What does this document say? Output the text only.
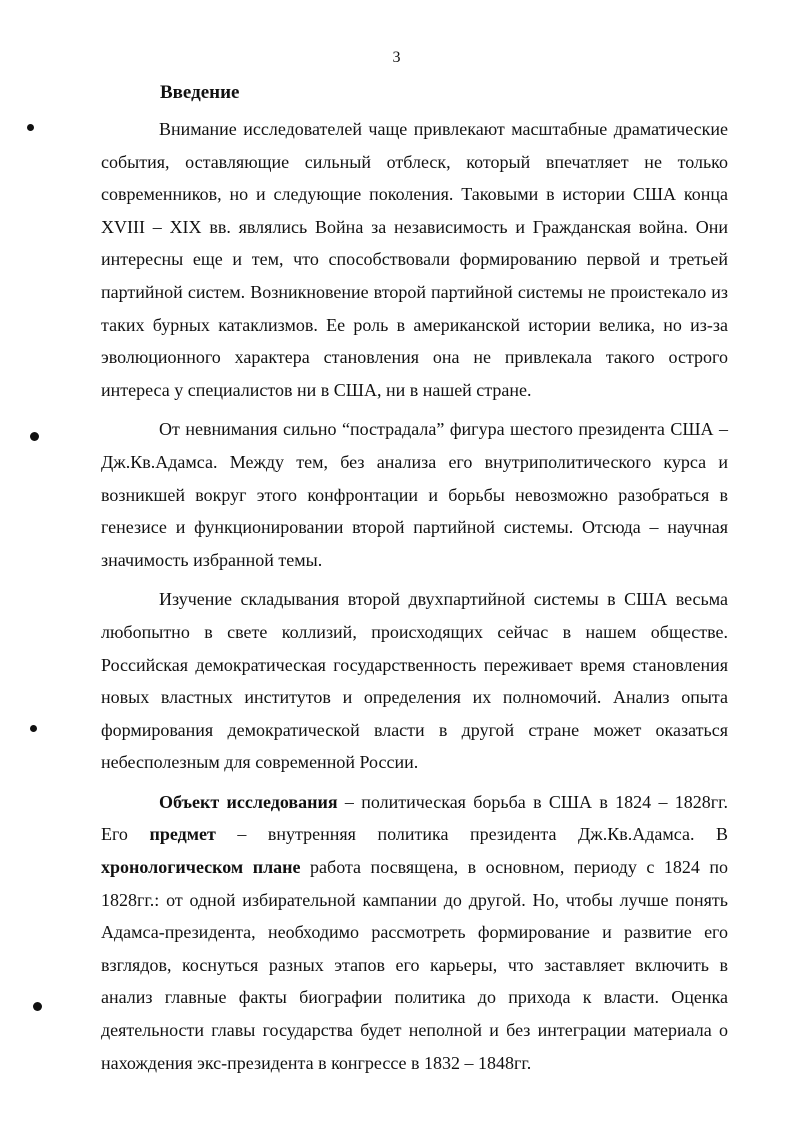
3
Введение

Внимание исследователей чаще привлекают масштабные драматические события, оставляющие сильный отблеск, который впечатляет не только современников, но и следующие поколения. Таковыми в истории США конца XVIII – XIX вв. являлись Война за независимость и Гражданская война. Они интересны еще и тем, что способствовали формированию первой и третьей партийной систем. Возникновение второй партийной системы не проистекало из таких бурных катаклизмов. Ее роль в американской истории велика, но из-за эволюционного характера становления она не привлекала такого острого интереса у специалистов ни в США, ни в нашей стране.

От невнимания сильно “пострадала” фигура шестого президента США – Дж.Кв.Адамса. Между тем, без анализа его внутриполитического курса и возникшей вокруг этого конфронтации и борьбы невозможно разобраться в генезисе и функционировании второй партийной системы. Отсюда – научная значимость избранной темы.

Изучение складывания второй двухпартийной системы в США весьма любопытно в свете коллизий, происходящих сейчас в нашем обществе. Российская демократическая государственность переживает время становления новых властных институтов и определения их полномочий. Анализ опыта формирования демократической власти в другой стране может оказаться небесполезным для современной России.

Объект исследования – политическая борьба в США в 1824 – 1828гг. Его предмет – внутренняя политика президента Дж.Кв.Адамса. В хронологическом плане работа посвящена, в основном, периоду с 1824 по 1828гг.: от одной избирательной кампании до другой. Но, чтобы лучше понять Адамса-президента, необходимо рассмотреть формирование и развитие его взглядов, коснуться разных этапов его карьеры, что заставляет включить в анализ главные факты биографии политика до прихода к власти. Оценка деятельности главы государства будет неполной и без интеграции материала о нахождения экс-президента в конгрессе в 1832 – 1848гг.
